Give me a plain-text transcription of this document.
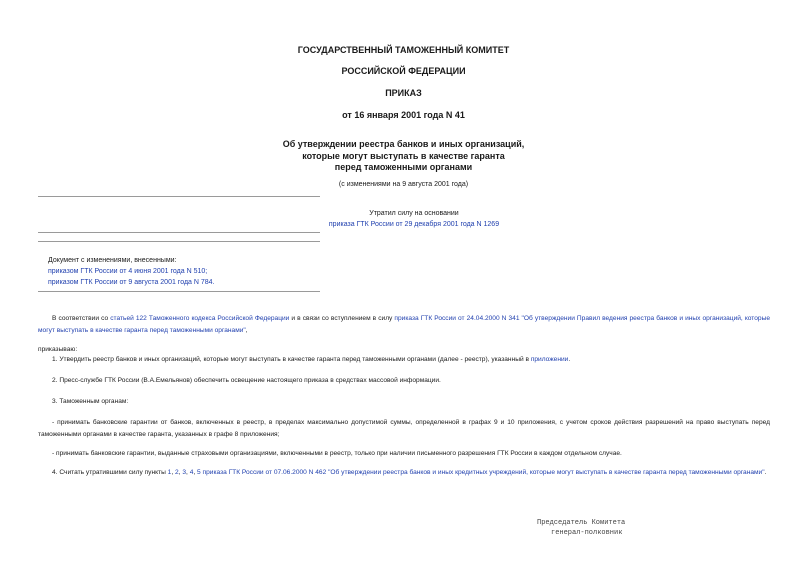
ГОСУДАРСТВЕННЫЙ ТАМОЖЕННЫЙ КОМИТЕТ
РОССИЙСКОЙ ФЕДЕРАЦИИ
ПРИКАЗ
от 16 января 2001 года N 41
Об утверждении реестра банков и иных организаций,
которые могут выступать в качестве гаранта
перед таможенными органами
(с изменениями на 9 августа 2001 года)
Утратил силу на основании
приказа ГТК России от 29 декабря 2001 года N 1269
Документ с изменениями, внесенными:
приказом ГТК России от 4 июня 2001 года N 510;
приказом ГТК России от 9 августа 2001 года N 784.
В соответствии со статьей 122 Таможенного кодекса Российской Федерации и в связи со вступлением в силу приказа ГТК России от 24.04.2000 N 341 "Об утверждении Правил ведения реестра банков и иных организаций, которые могут выступать в качестве гаранта перед таможенными органами",
приказываю:
1. Утвердить реестр банков и иных организаций, которые могут выступать в качестве гаранта перед таможенными органами (далее - реестр), указанный в приложении.
2. Пресс-службе ГТК России (В.А.Емельянов) обеспечить освещение настоящего приказа в средствах массовой информации.
3. Таможенным органам:
- принимать банковские гарантии от банков, включенных в реестр, в пределах максимально допустимой суммы, определенной в графах 9 и 10 приложения, с учетом сроков действия разрешений на право выступать перед таможенными органами в качестве гаранта, указанных в графе 8 приложения;
- принимать банковские гарантии, выданные страховыми организациями, включенными в реестр, только при наличии письменного разрешения ГТК России в каждом отдельном случае.
4. Считать утратившими силу пункты 1, 2, 3, 4, 5 приказа ГТК России от 07.06.2000 N 462 "Об утверждении реестра банков и иных кредитных учреждений, которые могут выступать в качестве гаранта перед таможенными органами".
Председатель Комитета
генерал-полковник
